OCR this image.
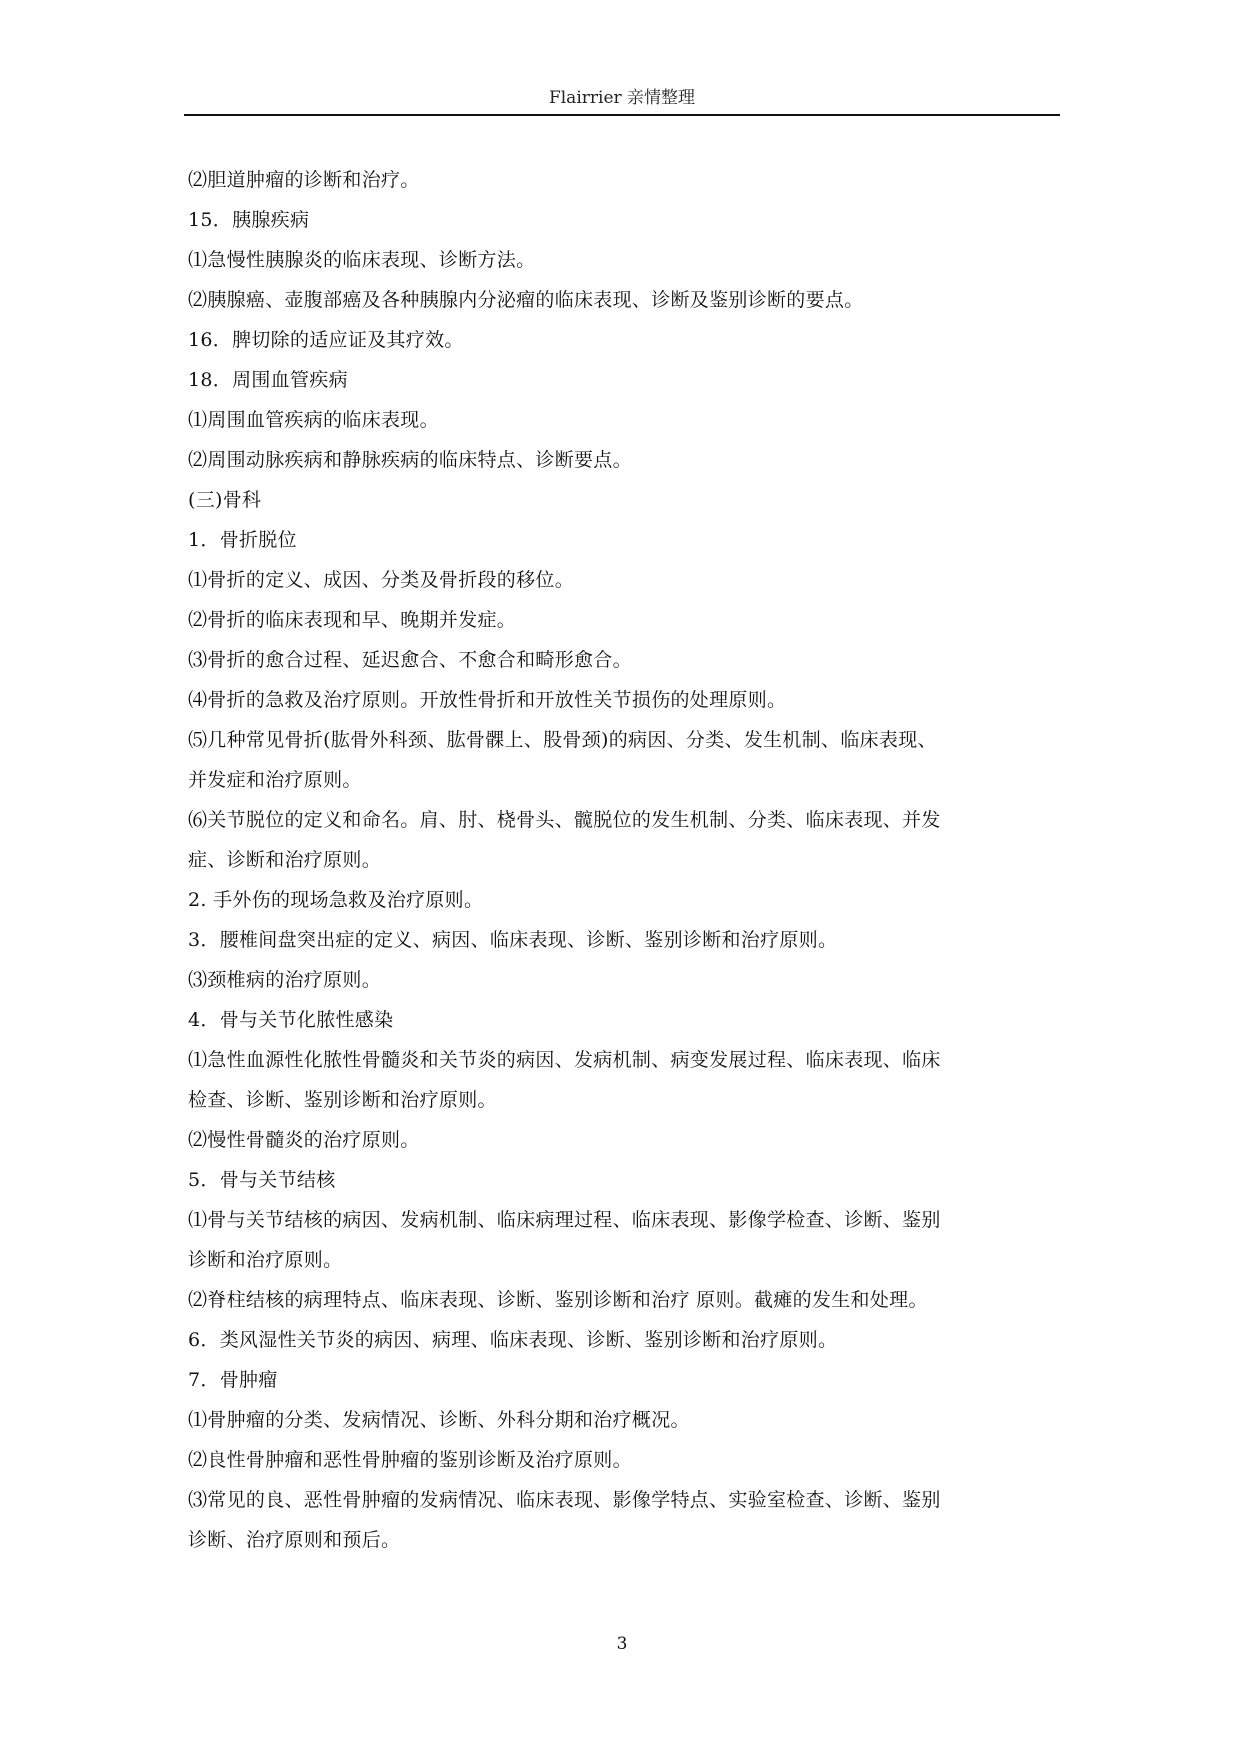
Flairrier 亲情整理
⑵胆道肿瘤的诊断和治疗。
15．胰腺疾病
⑴急慢性胰腺炎的临床表现、诊断方法。
⑵胰腺癌、壶腹部癌及各种胰腺内分泌瘤的临床表现、诊断及鉴别诊断的要点。
16．脾切除的适应证及其疗效。
18．周围血管疾病
⑴周围血管疾病的临床表现。
⑵周围动脉疾病和静脉疾病的临床特点、诊断要点。
(三)骨科
1．骨折脱位
⑴骨折的定义、成因、分类及骨折段的移位。
⑵骨折的临床表现和早、晚期并发症。
⑶骨折的愈合过程、延迟愈合、不愈合和畸形愈合。
⑷骨折的急救及治疗原则。开放性骨折和开放性关节损伤的处理原则。
⑸几种常见骨折(肱骨外科颈、肱骨髁上、股骨颈)的病因、分类、发生机制、临床表现、
并发症和治疗原则。
⑹关节脱位的定义和命名。肩、肘、桡骨头、髋脱位的发生机制、分类、临床表现、并发
症、诊断和治疗原则。
2. 手外伤的现场急救及治疗原则。
3．腰椎间盘突出症的定义、病因、临床表现、诊断、鉴别诊断和治疗原则。
⑶颈椎病的治疗原则。
4．骨与关节化脓性感染
⑴急性血源性化脓性骨髓炎和关节炎的病因、发病机制、病变发展过程、临床表现、临床
检查、诊断、鉴别诊断和治疗原则。
⑵慢性骨髓炎的治疗原则。
5．骨与关节结核
⑴骨与关节结核的病因、发病机制、临床病理过程、临床表现、影像学检查、诊断、鉴别
诊断和治疗原则。
⑵脊柱结核的病理特点、临床表现、诊断、鉴别诊断和治疗 原则。截瘫的发生和处理。
6．类风湿性关节炎的病因、病理、临床表现、诊断、鉴别诊断和治疗原则。
7．骨肿瘤
⑴骨肿瘤的分类、发病情况、诊断、外科分期和治疗概况。
⑵良性骨肿瘤和恶性骨肿瘤的鉴别诊断及治疗原则。
⑶常见的良、恶性骨肿瘤的发病情况、临床表现、影像学特点、实验室检查、诊断、鉴别
诊断、治疗原则和预后。
3
